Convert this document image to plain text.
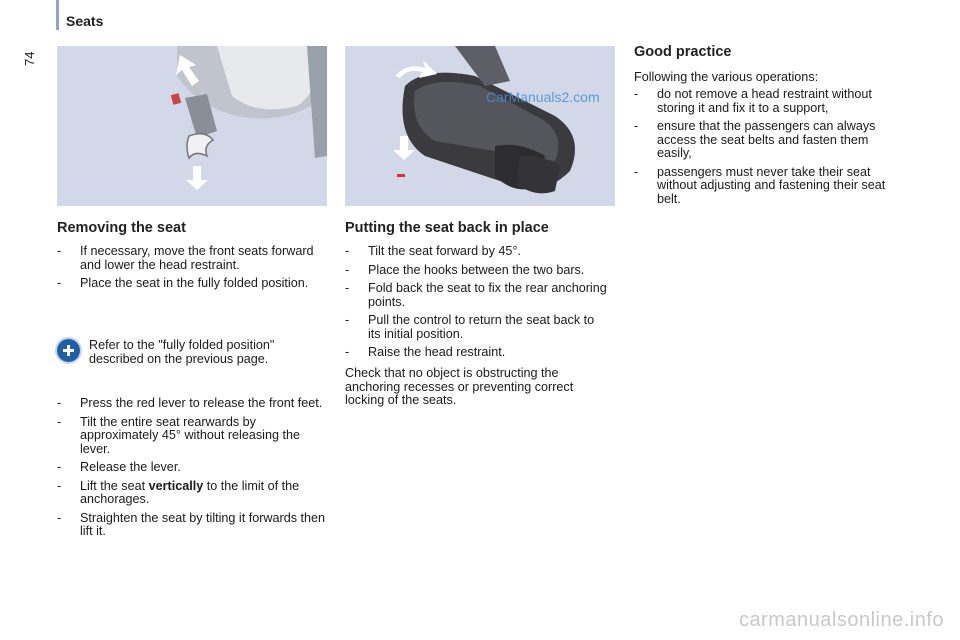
Seats
74
CarManuals2.com
Removing the seat
- If necessary, move the front seats forward and lower the head restraint.
- Place the seat in the fully folded position.
Refer to the "fully folded position" described on the previous page.
- Press the red lever to release the front feet.
- Tilt the entire seat rearwards by approximately 45° without releasing the lever.
- Release the lever.
- Lift the seat vertically to the limit of the anchorages.
- Straighten the seat by tilting it forwards then lift it.
Putting the seat back in place
- Tilt the seat forward by 45°.
- Place the hooks between the two bars.
- Fold back the seat to fix the rear anchoring points.
- Pull the control to return the seat back to its initial position.
- Raise the head restraint.
Check that no object is obstructing the anchoring recesses or preventing correct locking of the seats.
Good practice
Following the various operations:
- do not remove a head restraint without storing it and fix it to a support,
- ensure that the passengers can always access the seat belts and fasten them easily,
- passengers must never take their seat without adjusting and fastening their seat belt.
carmanualsonline.info
